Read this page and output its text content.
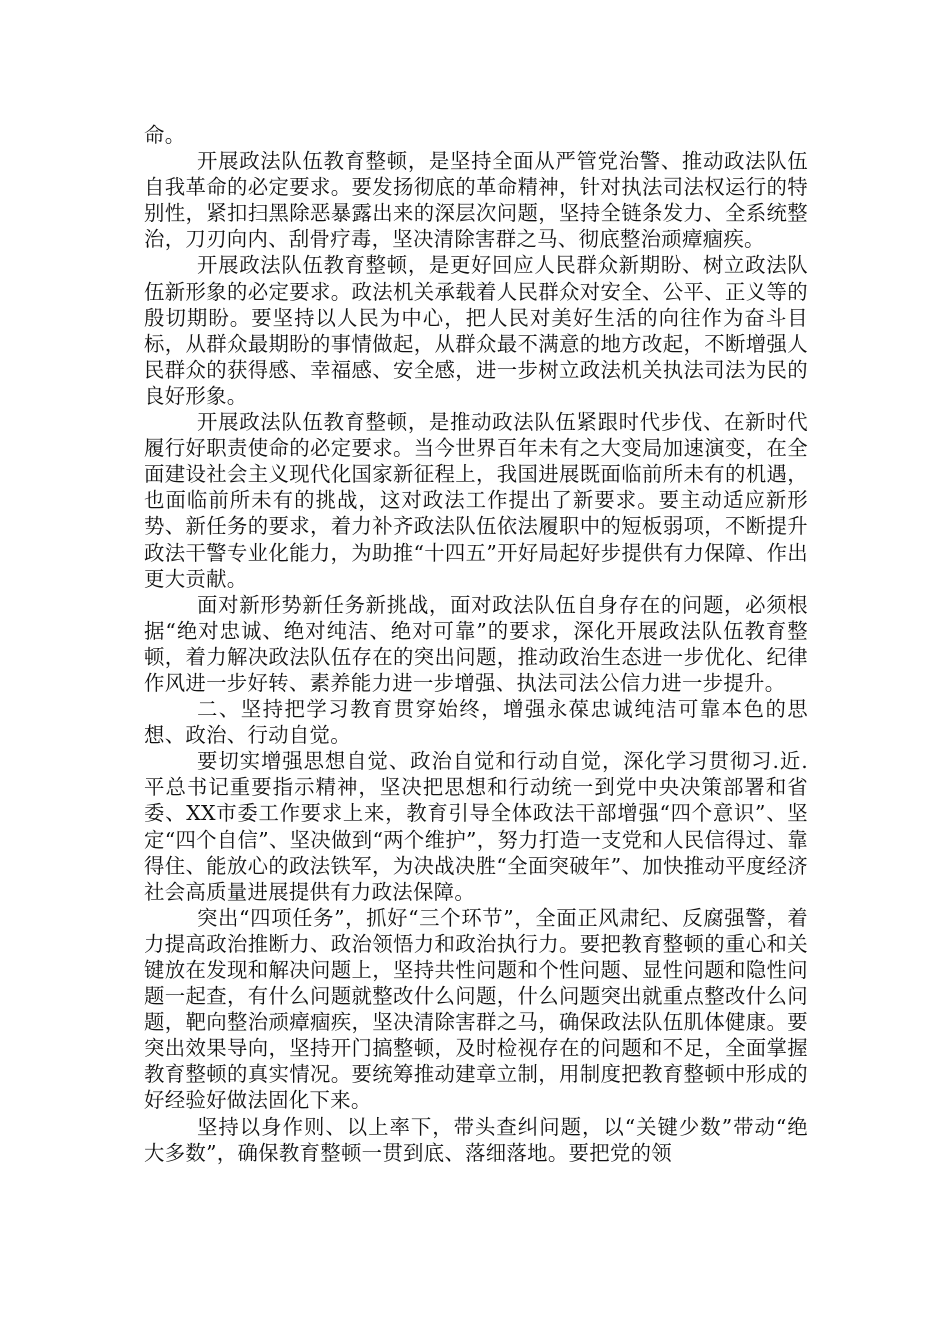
命。

开展政法队伍教育整顿，是坚持全面从严管党治警、推动政法队伍自我革命的必定要求。要发扬彻底的革命精神，针对执法司法权运行的特别性，紧扣扫黑除恶暴露出来的深层次问题，坚持全链条发力、全系统整治，刀刃向内、刮骨疗毒，坚决清除害群之马、彻底整治顽瘴痼疾。

开展政法队伍教育整顿，是更好回应人民群众新期盼、树立政法队伍新形象的必定要求。政法机关承载着人民群众对安全、公平、正义等的殷切期盼。要坚持以人民为中心，把人民对美好生活的向往作为奋斗目标，从群众最期盼的事情做起，从群众最不满意的地方改起，不断增强人民群众的获得感、幸福感、安全感，进一步树立政法机关执法司法为民的良好形象。

开展政法队伍教育整顿，是推动政法队伍紧跟时代步伐、在新时代履行好职责使命的必定要求。当今世界百年未有之大变局加速演变，在全面建设社会主义现代化国家新征程上，我国进展既面临前所未有的机遇，也面临前所未有的挑战，这对政法工作提出了新要求。要主动适应新形势、新任务的要求，着力补齐政法队伍依法履职中的短板弱项，不断提升政法干警专业化能力，为助推“十四五”开好局起好步提供有力保障、作出更大贡献。

面对新形势新任务新挑战，面对政法队伍自身存在的问题，必须根据“绝对忠诚、绝对纯洁、绝对可靠”的要求，深化开展政法队伍教育整顿，着力解决政法队伍存在的突出问题，推动政治生态进一步优化、纪律作风进一步好转、素养能力进一步增强、执法司法公信力进一步提升。

二、坚持把学习教育贯穿始终，增强永葆忠诚纯洁可靠本色的思想、政治、行动自觉。

要切实增强思想自觉、政治自觉和行动自觉，深化学习贯彻习.近.平总书记重要指示精神，坚决把思想和行动统一到党中央决策部署和省委、XX市委工作要求上来，教育引导全体政法干部增强“四个意识”、坚定“四个自信”、坚决做到“两个维护”，努力打造一支党和人民信得过、靠得住、能放心的政法铁军，为决战决胜“全面突破年”、加快推动平度经济社会高质量进展提供有力政法保障。

突出“四项任务”，抓好“三个环节”，全面正风肃纪、反腐强警，着力提高政治推断力、政治领悟力和政治执行力。要把教育整顿的重心和关键放在发现和解决问题上，坚持共性问题和个性问题、显性问题和隐性问题一起查，有什么问题就整改什么问题，什么问题突出就重点整改什么问题，靶向整治顽瘴痼疾，坚决清除害群之马，确保政法队伍肌体健康。要突出效果导向，坚持开门搞整顿，及时检视存在的问题和不足，全面掌握教育整顿的真实情况。要统筹推动建章立制，用制度把教育整顿中形成的好经验好做法固化下来。

坚持以身作则、以上率下，带头查纠问题，以“关键少数”带动“绝大多数”，确保教育整顿一贯到底、落细落地。要把党的领
